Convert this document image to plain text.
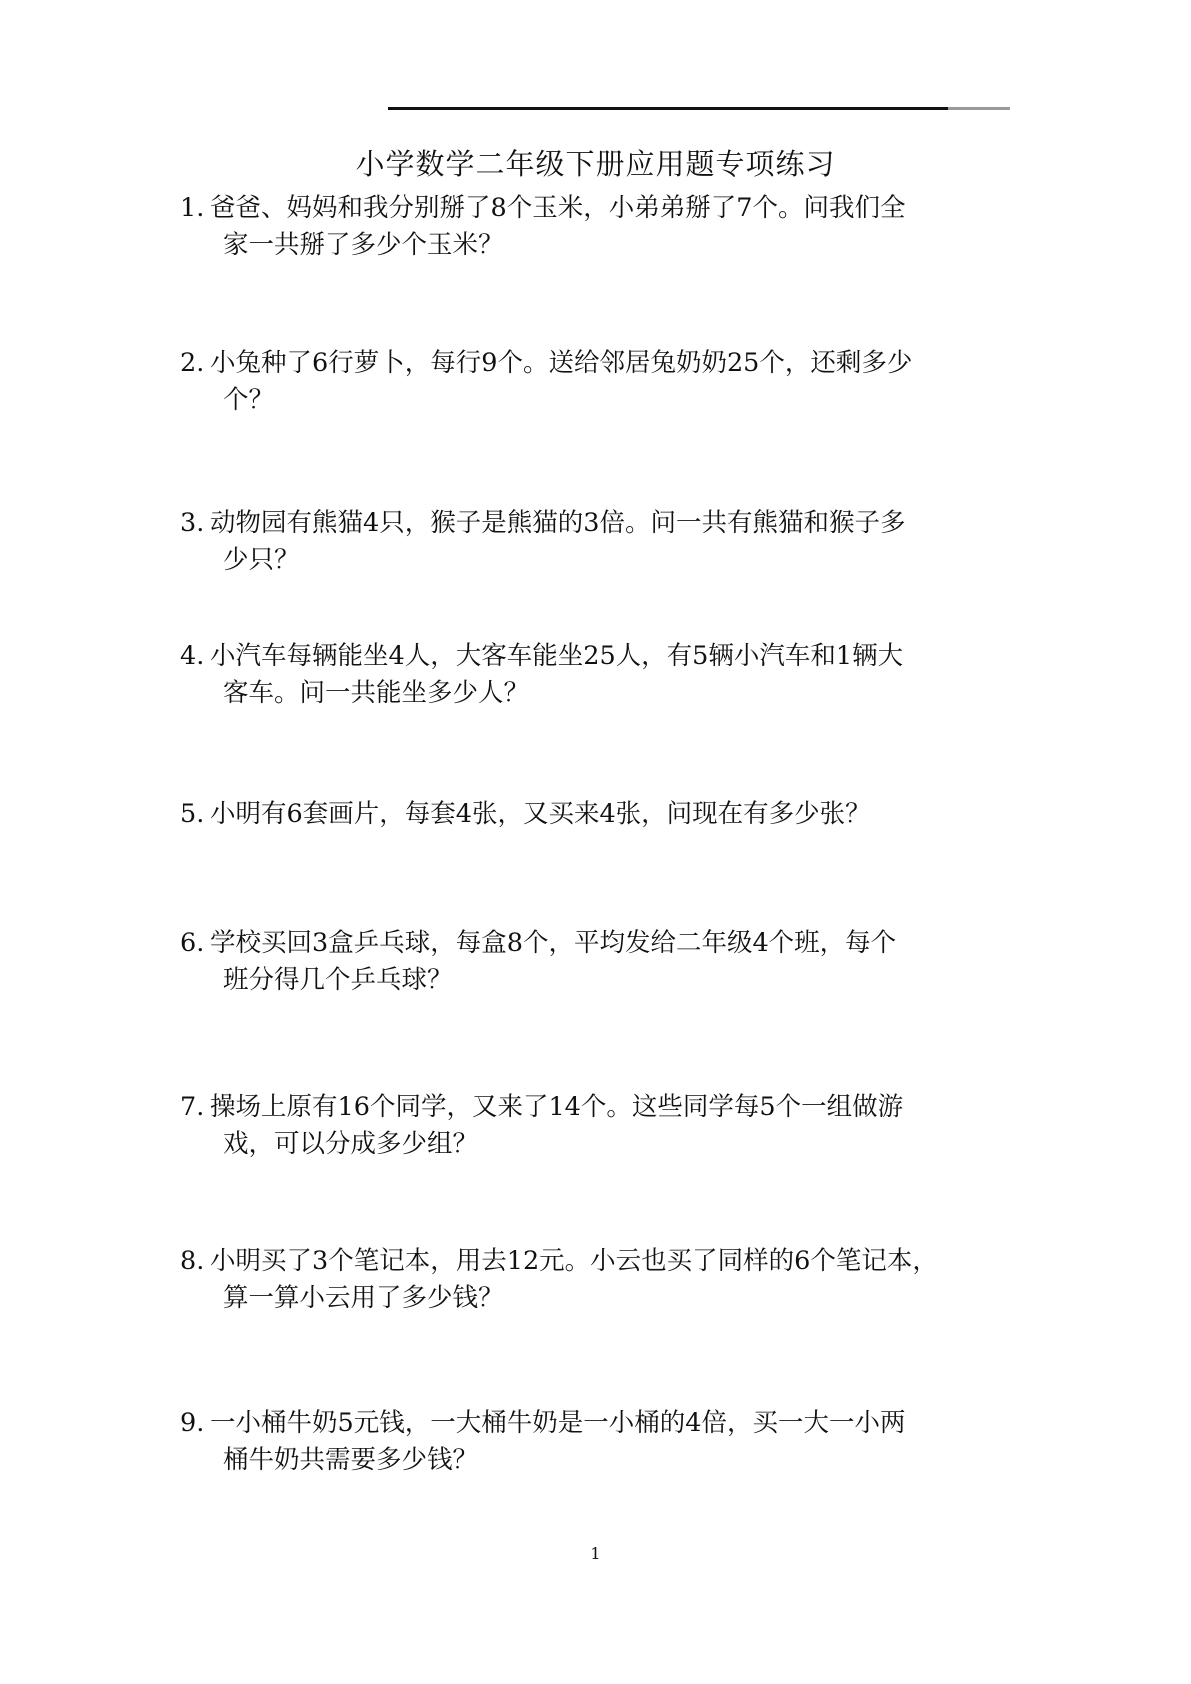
小学数学二年级下册应用题专项练习
1. 爸爸、妈妈和我分别掰了8个玉米，小弟弟掰了7个。问我们全
家一共掰了多少个玉米？
2. 小兔种了6行萝卜，每行9个。送给邻居兔奶奶25个，还剩多少
个？
3. 动物园有熊猫4只，猴子是熊猫的3倍。问一共有熊猫和猴子多
少只？
4. 小汽车每辆能坐4人，大客车能坐25人，有5辆小汽车和1辆大
客车。问一共能坐多少人？
5. 小明有6套画片，每套4张，又买来4张，问现在有多少张？
6. 学校买回3盒乒乓球，每盒8个，平均发给二年级4个班，每个
班分得几个乒乓球？
7. 操场上原有16个同学，又来了14个。这些同学每5个一组做游
戏，可以分成多少组？
8. 小明买了3个笔记本，用去12元。小云也买了同样的6个笔记本，
算一算小云用了多少钱？
9. 一小桶牛奶5元钱，一大桶牛奶是一小桶的4倍，买一大一小两
桶牛奶共需要多少钱？
1
